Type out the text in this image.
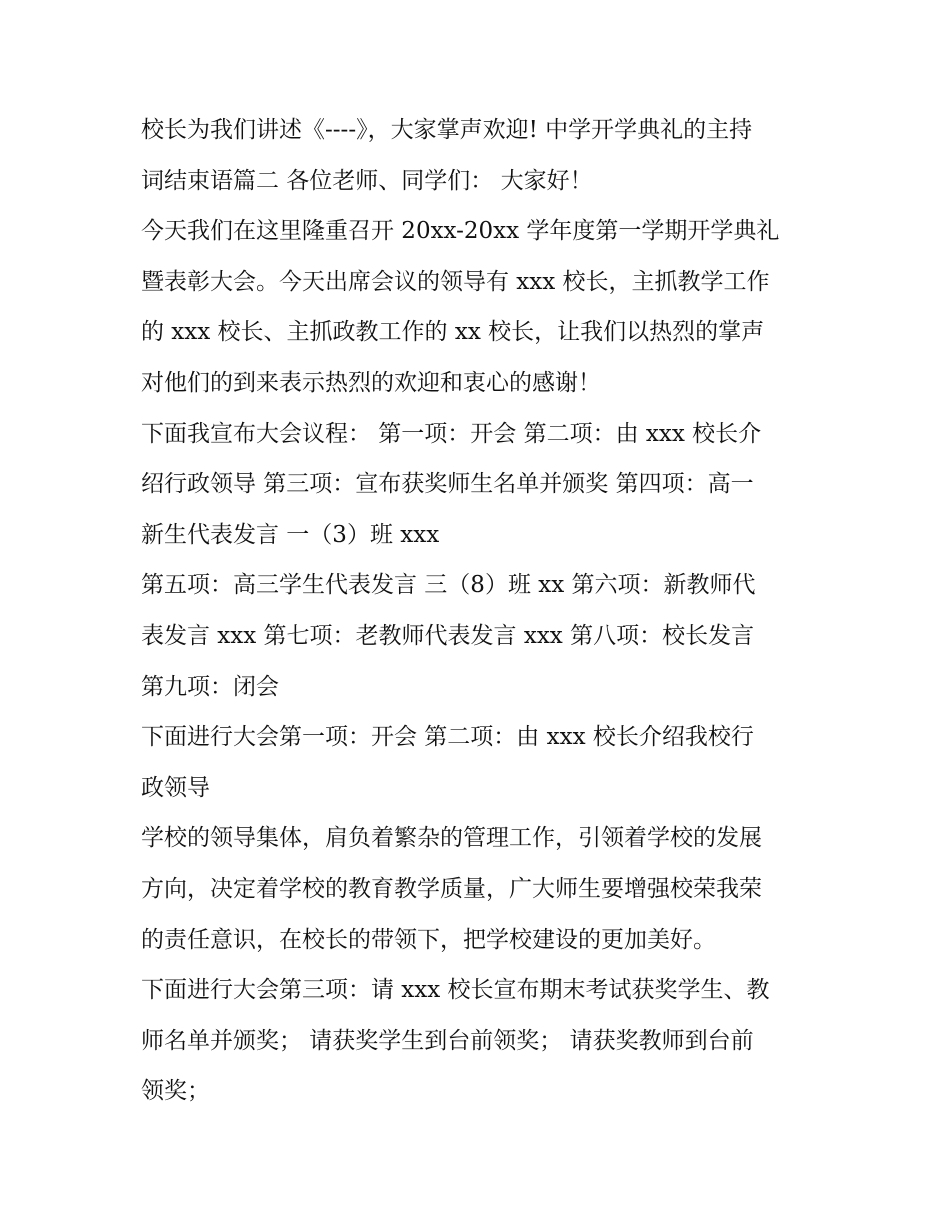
校长为我们讲述《----》，大家掌声欢迎! 中学开学典礼的主持
词结束语篇二 各位老师、同学们： 大家好！
今天我们在这里隆重召开 20xx-20xx 学年度第一学期开学典礼
暨表彰大会。今天出席会议的领导有 xxx 校长，主抓教学工作
的 xxx 校长、主抓政教工作的 xx 校长，让我们以热烈的掌声
对他们的到来表示热烈的欢迎和衷心的感谢！
下面我宣布大会议程： 第一项：开会 第二项：由 xxx 校长介
绍行政领导 第三项：宣布获奖师生名单并颁奖 第四项：高一
新生代表发言 一（3）班 xxx
第五项：高三学生代表发言 三（8）班 xx 第六项：新教师代
表发言 xxx 第七项：老教师代表发言 xxx 第八项：校长发言
第九项：闭会
下面进行大会第一项：开会 第二项：由 xxx 校长介绍我校行
政领导
学校的领导集体，肩负着繁杂的管理工作，引领着学校的发展
方向，决定着学校的教育教学质量，广大师生要增强校荣我荣
的责任意识，在校长的带领下，把学校建设的更加美好。
下面进行大会第三项：请 xxx 校长宣布期末考试获奖学生、教
师名单并颁奖； 请获奖学生到台前领奖； 请获奖教师到台前
领奖；
